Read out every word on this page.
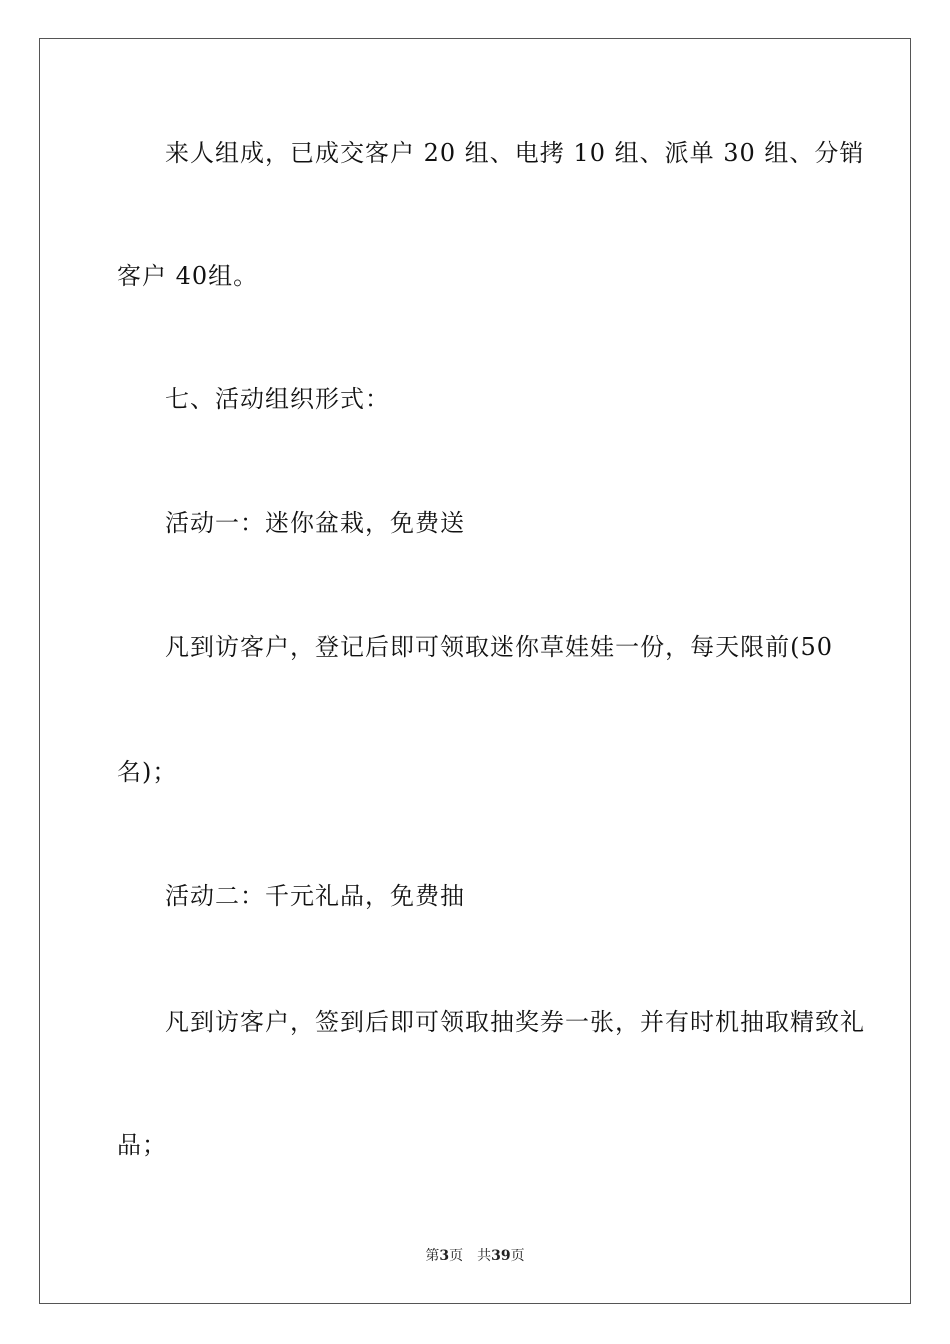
来人组成，已成交客户 20 组、电拷 10 组、派单 30 组、分销
客户 40组。
七、活动组织形式：
活动一：迷你盆栽，免费送
凡到访客户，登记后即可领取迷你草娃娃一份，每天限前(50
名)；
活动二：千元礼品，免费抽
凡到访客户，签到后即可领取抽奖券一张，并有时机抽取精致礼
品；
第3页　共39页
